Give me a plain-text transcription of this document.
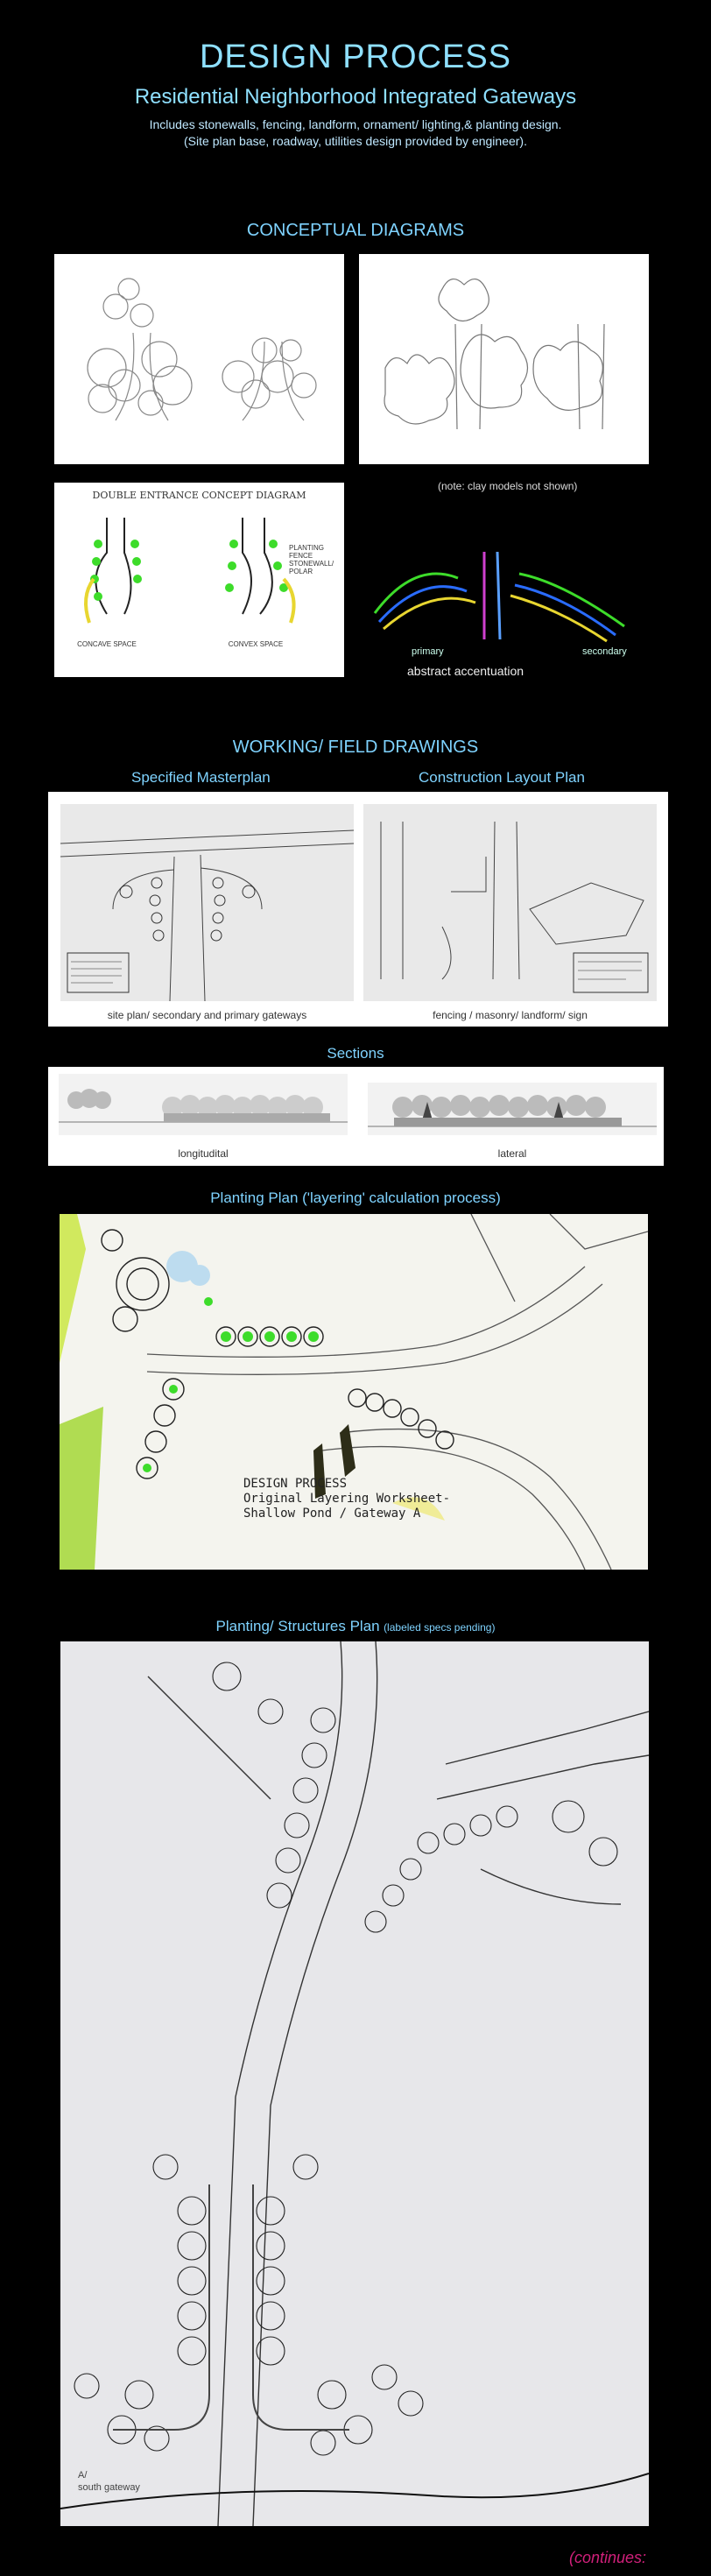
DESIGN PROCESS
Residential Neighborhood Integrated Gateways
Includes stonewalls, fencing, landform, ornament/ lighting,& planting design.
(Site plan base, roadway, utilities design provided by engineer).
CONCEPTUAL DIAGRAMS
DOUBLE ENTRANCE CONCEPT DIAGRAM
CONCAVE SPACE	CONVEX SPACE
PLANTING FENCE STONEWALL/ POLAR
(note: clay models not shown)
primary	secondary
abstract accentuation
WORKING/ FIELD DRAWINGS
Specified Masterplan	Construction Layout Plan
site plan/ secondary and primary gateways	fencing / masonry/ landform/ sign
Sections
longitudital	lateral
Planting Plan ('layering' calculation process)
DESIGN PROCESS
Original Layering Worksheet-
Shallow Pond / Gateway A
Planting/ Structures Plan (labeled specs pending)
A/
south gateway
(continues:
